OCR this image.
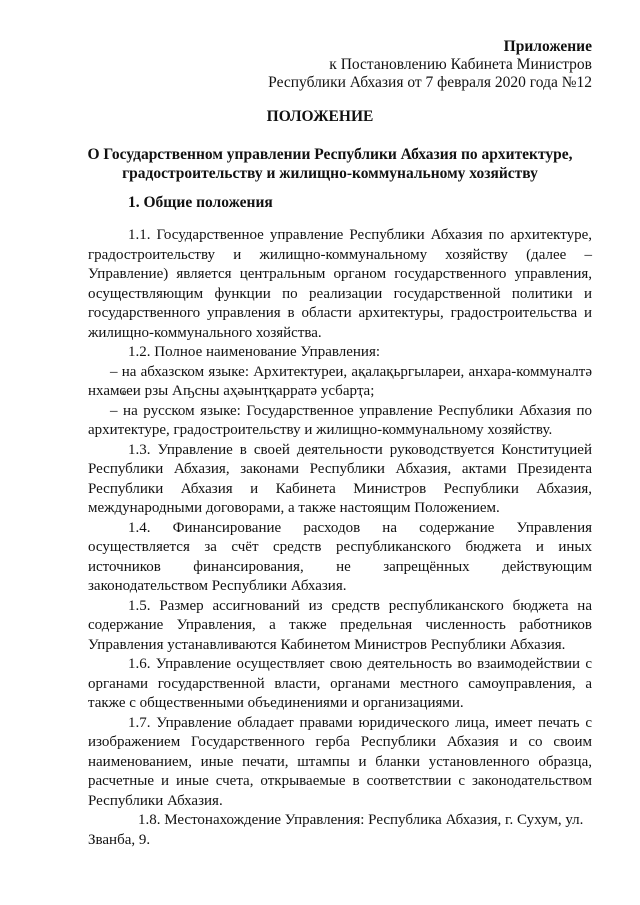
Приложение
к Постановлению Кабинета Министров
Республики Абхазия от 7 февраля 2020 года №12
ПОЛОЖЕНИЕ
О Государственном управлении Республики Абхазия по архитектуре, градостроительству и жилищно-коммунальному хозяйству
1. Общие положения

1.1. Государственное управление Республики Абхазия по архитектуре, градостроительству и жилищно-коммунальному хозяйству (далее – Управление) является центральным органом государственного управления, осуществляющим функции по реализации государственной политики и государственного управления в области архитектуры, градостроительства и жилищно-коммунального хозяйства.

1.2. Полное наименование Управления:

– на абхазском языке: Архитектуреи, ақалақьргылареи, анхара-коммуналтә нхамҩеи рзы Аҧсны аҳәынҭқарратә усбарҭа;

– на русском языке: Государственное управление Республики Абхазия по архитектуре, градостроительству и жилищно-коммунальному хозяйству.

1.3. Управление в своей деятельности руководствуется Конституцией Республики Абхазия, законами Республики Абхазия, актами Президента Республики Абхазия и Кабинета Министров Республики Абхазия, международными договорами, а также настоящим Положением.

1.4. Финансирование расходов на содержание Управления осуществляется за счёт средств республиканского бюджета и иных источников финансирования, не запрещённых действующим законодательством Республики Абхазия.

1.5. Размер ассигнований из средств республиканского бюджета на содержание Управления, а также предельная численность работников Управления устанавливаются Кабинетом Министров Республики Абхазия.

1.6. Управление осуществляет свою деятельность во взаимодействии с органами государственной власти, органами местного самоуправления, а также с общественными объединениями и организациями.

1.7. Управление обладает правами юридического лица, имеет печать с изображением Государственного герба Республики Абхазия и со своим наименованием, иные печати, штампы и бланки установленного образца, расчетные и иные счета, открываемые в соответствии с законодательством Республики Абхазия.

1.8. Местонахождение Управления: Республика Абхазия, г. Сухум, ул. Званба, 9.
